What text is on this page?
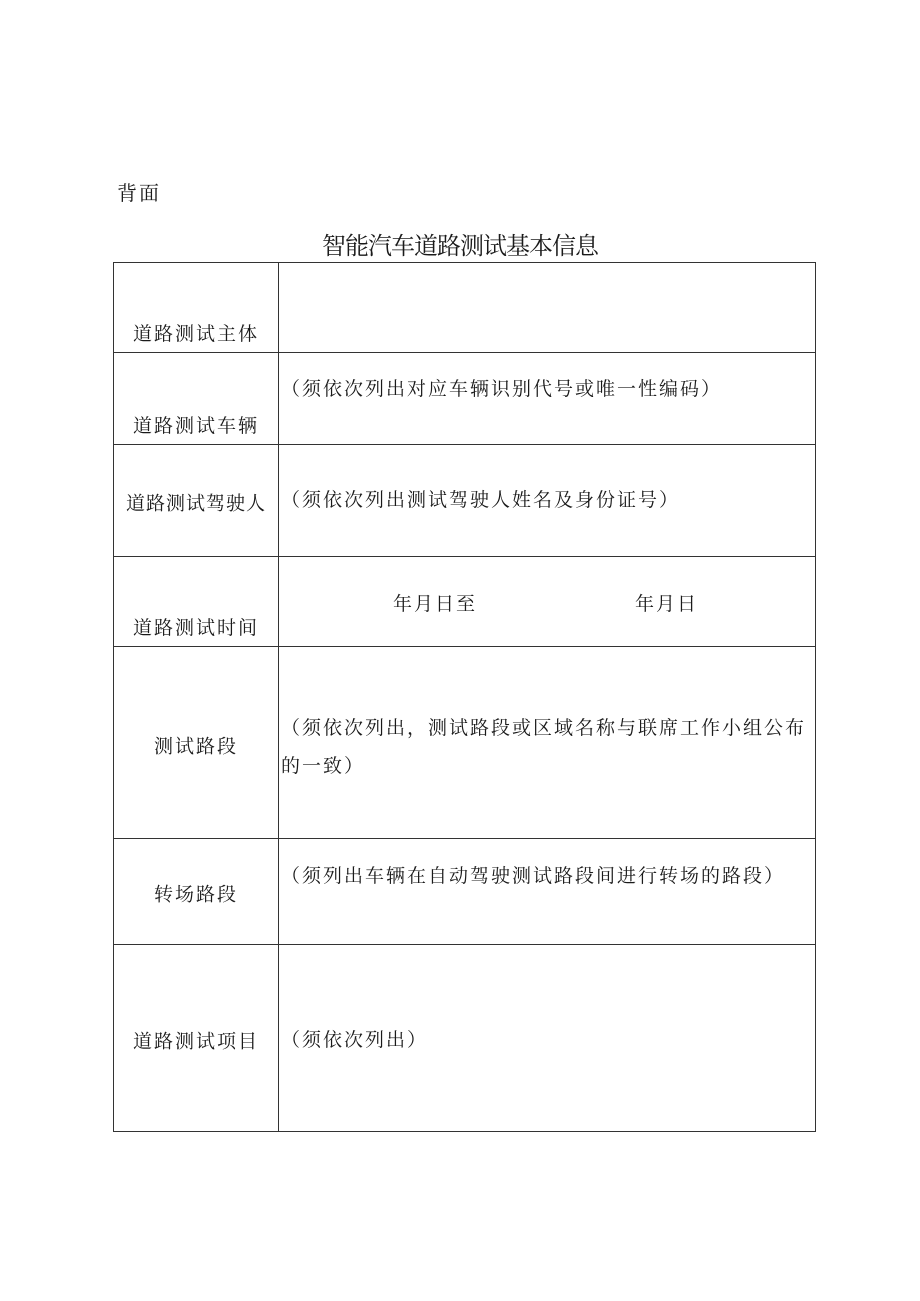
背面
智能汽车道路测试基本信息
道路测试主体	

道路测试车辆	（须依次列出对应车辆识别代号或唯一性编码）

道路测试驾驶人	（须依次列出测试驾驶人姓名及身份证号）

道路测试时间	年月日至 年月日

测试路段	（须依次列出，测试路段或区域名称与联席工作小组公布的一致）

转场路段	（须列出车辆在自动驾驶测试路段间进行转场的路段）

道路测试项目	（须依次列出）
